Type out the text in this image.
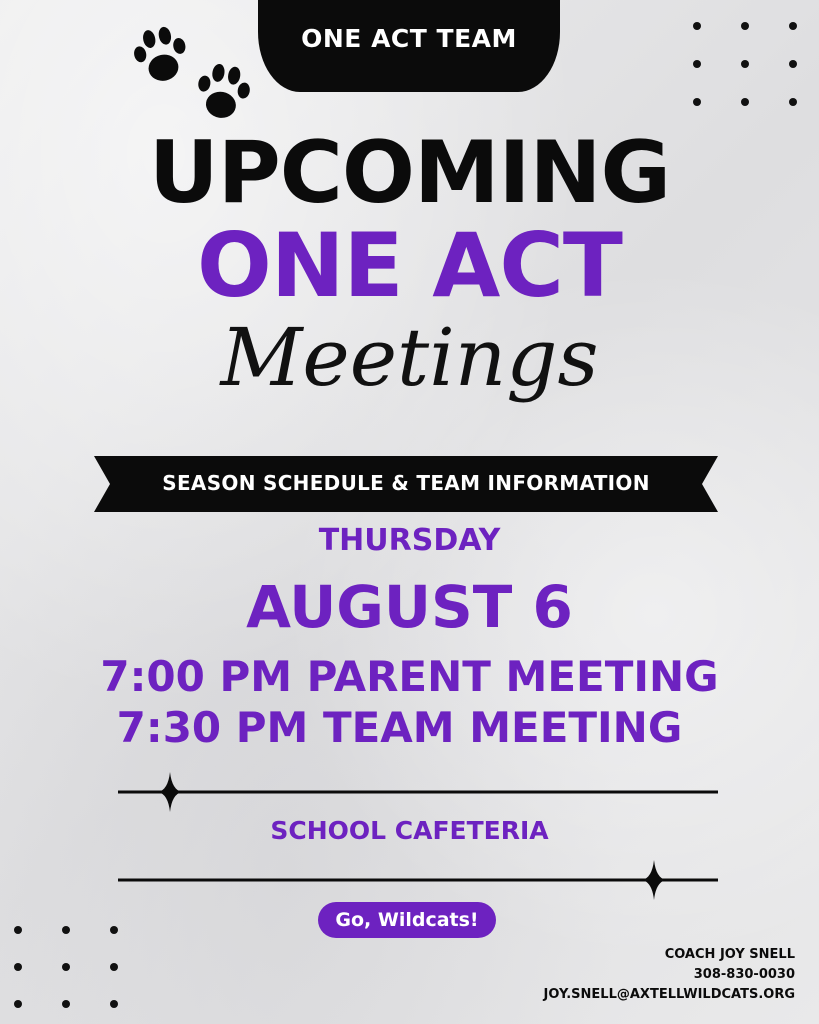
ONE ACT TEAM
UPCOMING
ONE ACT
Meetings
SEASON SCHEDULE & TEAM INFORMATION
THURSDAY
AUGUST 6
7:00 PM PARENT MEETING
7:30 PM TEAM MEETING
SCHOOL CAFETERIA
Go, Wildcats!
COACH JOY SNELL
308-830-0030
JOY.SNELL@AXTELLWILDCATS.ORG
